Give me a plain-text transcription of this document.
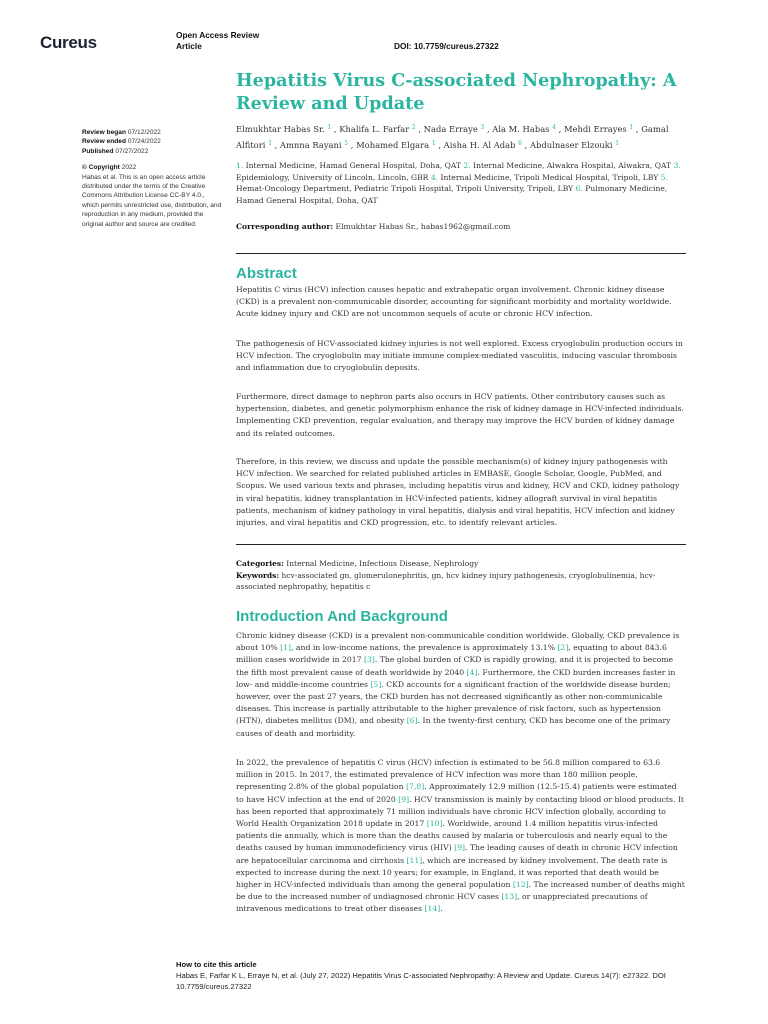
Cureus	Open Access Review
Article	DOI: 10.7759/cureus.27322
Hepatitis Virus C-associated Nephropathy: A Review and Update
Review began 07/12/2022
Review ended 07/24/2022
Published 07/27/2022
© Copyright 2022
Habas et al. This is an open access article distributed under the terms of the Creative Commons Attribution License CC-BY 4.0., which permits unrestricted use, distribution, and reproduction in any medium, provided the original author and source are credited.
Elmukhtar Habas Sr. $^1$ , Khalifa L. Farfar $^2$ , Nada Erraye $^3$ , Ala M. Habas $^4$ , Mehdi Errayes $^1$ , Gamal Alfitori $^1$ , Amnna Rayani $^5$ , Mohamed Elgara $^1$ , Aisha H. Al Adab $^6$ , Abdulnaser Elzouki $^1$
1. Internal Medicine, Hamad General Hospital, Doha, QAT 2. Internal Medicine, Alwakra Hospital, Alwakra, QAT 3. Epidemiology, University of Lincoln, Lincoln, GBR 4. Internal Medicine, Tripoli Medical Hospital, Tripoli, LBY 5. Hemat-Oncology Department, Pediatric Tripoli Hospital, Tripoli University, Tripoli, LBY 6. Pulmonary Medicine, Hamad General Hospital, Doha, QAT
Corresponding author: Elmukhtar Habas Sr., habas1962@gmail.com
Abstract
Hepatitis C virus (HCV) infection causes hepatic and extrahepatic organ involvement. Chronic kidney disease (CKD) is a prevalent non-communicable disorder, accounting for significant morbidity and mortality worldwide. Acute kidney injury and CKD are not uncommon sequels of acute or chronic HCV infection.
The pathogenesis of HCV-associated kidney injuries is not well explored. Excess cryoglobulin production occurs in HCV infection. The cryoglobulin may initiate immune complex-mediated vasculitis, inducing vascular thrombosis and inflammation due to cryoglobulin deposits.
Furthermore, direct damage to nephron parts also occurs in HCV patients. Other contributory causes such as hypertension, diabetes, and genetic polymorphism enhance the risk of kidney damage in HCV-infected individuals. Implementing CKD prevention, regular evaluation, and therapy may improve the HCV burden of kidney damage and its related outcomes.
Therefore, in this review, we discuss and update the possible mechanism(s) of kidney injury pathogenesis with HCV infection. We searched for related published articles in EMBASE, Google Scholar, Google, PubMed, and Scopus. We used various texts and phrases, including hepatitis virus and kidney, HCV and CKD, kidney pathology in viral hepatitis, kidney transplantation in HCV-infected patients, kidney allograft survival in viral hepatitis patients, mechanism of kidney pathology in viral hepatitis, dialysis and viral hepatitis, HCV infection and kidney injuries, and viral hepatitis and CKD progression, etc. to identify relevant articles.
Categories: Internal Medicine, Infectious Disease, Nephrology
Keywords: hcv-associated gn, glomerulonephritis, gn, hcv kidney injury pathogenesis, cryoglobulinemia, hcv-associated nephropathy, hepatitis c
Introduction And Background
Chronic kidney disease (CKD) is a prevalent non-communicable condition worldwide. Globally, CKD prevalence is about 10% [1], and in low-income nations, the prevalence is approximately 13.1% [2], equating to about 843.6 million cases worldwide in 2017 [3]. The global burden of CKD is rapidly growing, and it is projected to become the fifth most prevalent cause of death worldwide by 2040 [4]. Furthermore, the CKD burden increases faster in low- and middle-income countries [5]. CKD accounts for a significant fraction of the worldwide disease burden; however, over the past 27 years, the CKD burden has not decreased significantly as other non-communicable diseases. This increase is partially attributable to the higher prevalence of risk factors, such as hypertension (HTN), diabetes mellitus (DM), and obesity [6]. In the twenty-first century, CKD has become one of the primary causes of death and morbidity.
In 2022, the prevalence of hepatitis C virus (HCV) infection is estimated to be 56.8 million compared to 63.6 million in 2015. In 2017, the estimated prevalence of HCV infection was more than 180 million people, representing 2.8% of the global population [7,8]. Approximately 12.9 million (12.5-15.4) patients were estimated to have HCV infection at the end of 2020 [9]. HCV transmission is mainly by contacting blood or blood products. It has been reported that approximately 71 million individuals have chronic HCV infection globally, according to World Health Organization 2018 update in 2017 [10]. Worldwide, around 1.4 million hepatitis virus-infected patients die annually, which is more than the deaths caused by malaria or tuberculosis and nearly equal to the deaths caused by human immunodeficiency virus (HIV) [9]. The leading causes of death in chronic HCV infection are hepatocellular carcinoma and cirrhosis [11], which are increased by kidney involvement. The death rate is expected to increase during the next 10 years; for example, in England, it was reported that death would be higher in HCV-infected individuals than among the general population [12]. The increased number of deaths might be due to the increased number of undiagnosed chronic HCV cases [13], or unappreciated precautions of intravenous medications to treat other diseases [14].
How to cite this article
Habas E, Farfar K L, Erraye N, et al. (July 27, 2022) Hepatitis Virus C-associated Nephropathy: A Review and Update. Cureus 14(7): e27322. DOI 10.7759/cureus.27322
